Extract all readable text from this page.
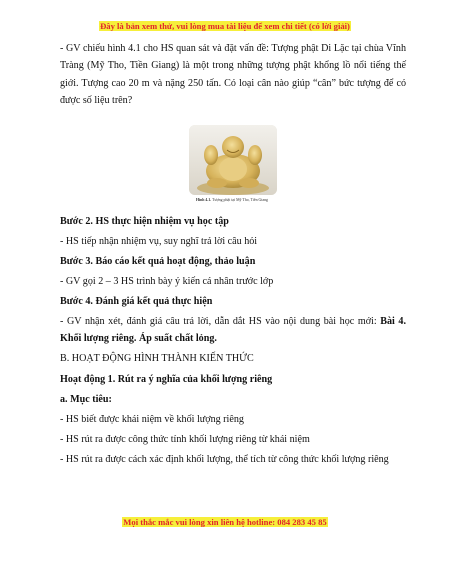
Đây là bản xem thử, vui lòng mua tài liệu để xem chi tiết (có lời giải)
- GV chiếu hình 4.1 cho HS quan sát và đặt vấn đề: Tượng phật Di Lặc tại chùa Vĩnh Tràng (Mỹ Tho, Tiền Giang) là một trong những tượng phật khổng lồ nổi tiếng thế giới. Tượng cao 20 m và nặng 250 tấn. Có loại cân nào giúp “cân” bức tượng để có được số liệu trên?
Hình 4.1. Tượng phật tại Mỹ Tho, Tiền Giang
Bước 2. HS thực hiện nhiệm vụ học tập
- HS tiếp nhận nhiệm vụ, suy nghĩ trả lời câu hỏi
Bước 3. Báo cáo kết quả hoạt động, thảo luận
- GV gọi 2 – 3 HS trình bày ý kiến cá nhân trước lớp
Bước 4. Đánh giá kết quả thực hiện
- GV nhận xét, đánh giá câu trả lời, dẫn dắt HS vào nội dung bài học mới: Bài 4. Khối lượng riêng. Áp suất chất lỏng.
B. HOẠT ĐỘNG HÌNH THÀNH KIẾN THỨC
Hoạt động 1. Rút ra ý nghĩa của khối lượng riêng
a. Mục tiêu:
- HS biết được khái niệm về khối lượng riêng
- HS rút ra được công thức tính khối lượng riêng từ khái niệm
- HS rút ra được cách xác định khối lượng, thể tích từ công thức khối lượng riêng
Mọi thắc mắc vui lòng xin liên hệ hotline: 084 283 45 85
